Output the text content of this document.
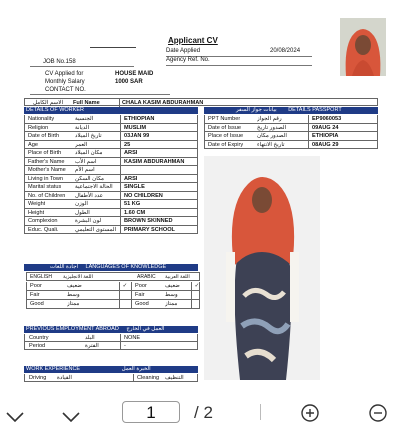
Applicant CV
Date Applied	20/08/2024
Agency Ref. No.
JOB No.158
CV Applied for	HOUSE MAID
Monthly Salary	1000 SAR
CONTACT NO.
الاسم الكامل Full Name	CHALA KASIM ABDURAHMAN
DETAILS OF WORKER
Nationality	الجنسية	ETHIOPIAN
Religion	الديانة	MUSLIM
Date of Birth	تاريخ الميلاد	03JAN 99
Age	العمر	25
Place of Birth مكان الميلاد	ARSI
Father's Name اسم الأب	KASIM ABDURAHMAN
Mother's Name اسم الأم
Living in Town مكان السكن	ARSI
Marital status الحالة الاجتماعية	SINGLE
No. of Children عدد الأطفال	NO CHILDREN
Weight	الوزن	51 KG
Height	الطول	1.60 CM
Complexion	لون البشرة	BROWN SKINNED
Educ. Quali.	المستوى التعليمي	PRIMARY SCHOOL
بيانات جواز السفر DETAILS PASSPORT
PPT Number	رقم الجواز	EP9060053
Date of Issue	الصدور تاريخ	09AUG 24
Place of Issue الصدور مكان	ETHIOPIA
Date of Expiry تاريخ الانتهاء	08AUG 29
اجادة اللغات LANGUAGES OF KNOWLEDGE
ENGLISH اللغة الانجليزية	ARABIC اللغة العربية
Poor	ضعيف	✓	Poor	ضعيف	✓
Fair	وسط	Fair	وسط
Good	ممتاز	Good	ممتاز
PREVIOUS EMPLOYMENT ABROAD العمل في الخارج
Country	البلد	NONE
Period	الفترة	-
WORK EXPERIENCE	الخبرة العمل
Driving القيادة	Cleaning التنظيف
1	/ 2
